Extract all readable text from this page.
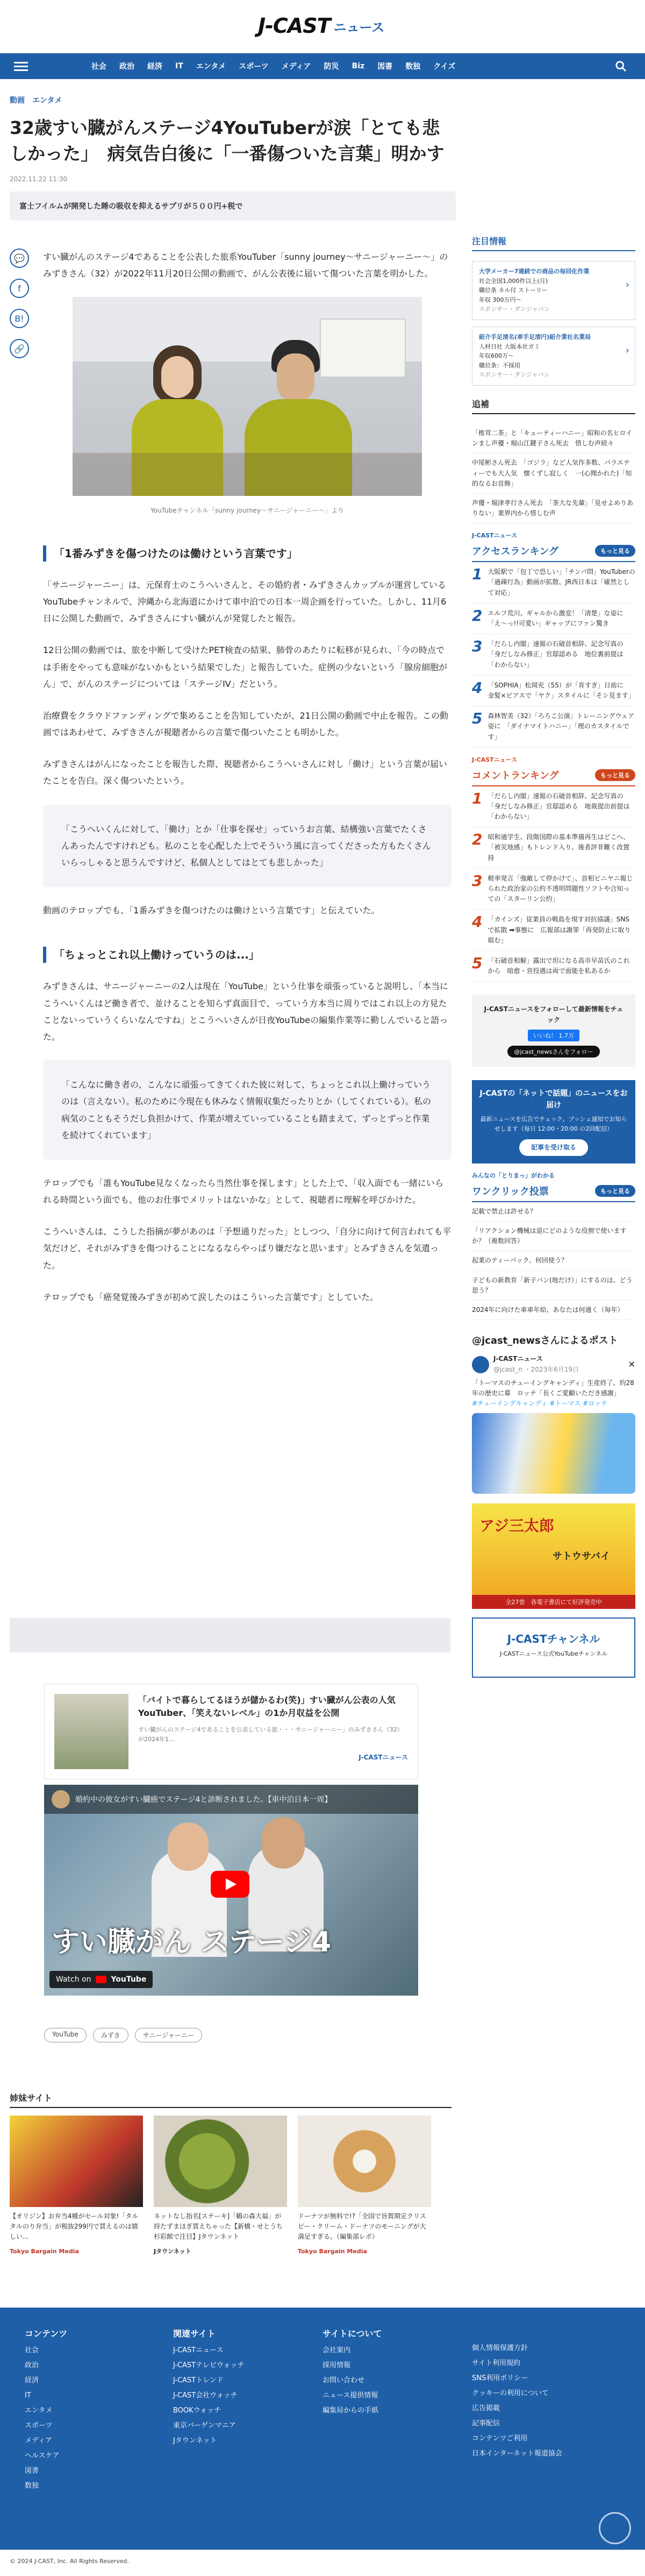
J-CAST ニュース
社会 政治 経済 IT エンタメ スポーツ メディア 防災 Biz 図書 数独 クイズ
動画 エンタメ
32歳すい臓がんステージ4YouTuberが涙「とても悲しかった」　病気告白後に「一番傷ついた言葉」明かす
2022.11.22 11:30
富士フイルムが開発した睡の吸収を抑えるサプリが５００円+税で
💬
f
B!
🔗

すい臓がんのステージ4であることを公表した旅系YouTuber「sunny journey～サニージャーニー～」のみずきさん（32）が2022年11月20日公開の動画で、がん公表後に届いて傷ついた言葉を明かした。

YouTubeチャンネル「sunny journey～サニージャーニー～」より
「1番みずきを傷つけたのは働けという言葉です」

「サニージャーニー」は、元保育士のこうへいさんと、その婚約者・みずきさんカップルが運営しているYouTubeチャンネルで、沖縄から北海道にかけて車中泊での日本一周企画を行っていた。しかし、11月6日に公開した動画で、みずきさんにすい臓がんが発覚したと報告。

12日公開の動画では、旅を中断して受けたPET検査の結果、肺骨のあたりに転移が見られ、「今の時点では手術をやっても意味がないかもという結果でした」と報告していた。症例の少ないという「腺房細胞がん」で、がんのステージについては「ステージIV」だという。

治療費をクラウドファンディングで集めることを告知していたが、21日公開の動画で中止を報告。この動画ではあわせて、みずきさんが視聴者からの言葉で傷ついたことも明かした。

みずきさんはがんになったことを報告した際、視聴者からこうへいさんに対し「働け」という言葉が届いたことを告白。深く傷ついたという。

「こうへいくんに対して、「働け」とか「仕事を探せ」っていうお言葉、結構強い言葉でたくさんあったんですけれども。私のことを心配した上でそういう風に言ってくださった方もたくさんいらっしゃると思うんですけど、私個人としてはとても悲しかった」

動画のテロップでも、「1番みずきを傷つけたのは働けという言葉です」と伝えていた。

「ちょっとこれ以上働けっていうのは...」

みずきさんは、サニージャーニーの2人は現在「YouTube」という仕事を頑張っていると説明し、「本当にこうへいくんはど働き者で、並けることを知らず真面目で、っていう方本当に周りではこれ以上の方見たことないっていうくらいなんですね」とこうへいさんが日夜YouTubeの編集作業等に勤しんでいると語った。

「こんなに働き者の、こんなに頑張ってきてくれた彼に対して、ちょっとこれ以上働けっていうのは（言えない）。私のために今現在も休みなく情報収集だったりとか（してくれている）。私の病気のこともそうだし負担かけて、作業が増えていっていることも踏まえて、ずっとずっと作業を続けてくれています」

テロップでも「誰もYouTube見なくなったら当然仕事を探します」とした上で、「収入面でも一緒にいられる時間という面でも、他のお仕事でメリットはないかな」として、視聴者に理解を呼びかけた。

こうへいさんは、こうした指摘が夢があのは「予想通りだった」としつつ、「自分に向けて何言われても平気だけど、それがみずきを傷つけることになるならやっぱり嫌だなと思います」とみずきさんを気遣った。

テロップでも「癌発覚後みずきが初めて涙したのはこういった言葉です」としていた。

「バイトで暮らしてるほうが儲かるわ(笑)」すい臓がん公表の人気YouTuber、「笑えないレベル」の1か月収益を公開
すい臓がんのステージ4であることを公表している旅・・・サニージャーニー」のみずきさん（32）が2024年1...
J-CASTニュース
婚約中の彼女がすい臓癌でステージ4と診断されました。【車中泊日本一周】
すい臓がん ステージ4
Watch on	YouTube
YouTube	みずき	サニージャーニー
姉妹サイト
【オリジン】お弁当4種がセール対象!「タルタルのり弁当」が税抜299円で買えるのは嬉しい...
Tokyo Bargain Media
ネットなし指名[ステーキ]「鶴の森大福」が持たずまほぎ買えちゃった【新橋・せとうち杉彩館で注目】Jタウンネット
Jタウンネット
ドーナツが無料で!?「全国で旨賀期定クリスピー・クリーム・ドーナツのモーニングが大満足すぎる。（編集部レポ）
Tokyo Bargain Media
注目情報
大学メーカー7連続での商品の毎回化作業
社会全国1,000件以上(月)
職位条 ネル付 ストーリー
年収 300万円〜
スポンサー・ダンジャパン
›
紹介手足清名(車手足清円)紹介業社名業局
人材日社 大阪本社ガミ
年収600万〜
職位条：不採用
スポンサー・ダンジャパン
›
追補
「椎茸二茶」と「キューティーハニー」昭和の名ヒロインまし声優・堀山江鍵子さん死去　惜しむ声続々
中尾彬さん死去　「ゴジラ」など人気作多数、バラエティーでも大人気　懐くずし寂しく　一(心聞かれた)「知的なるお首飾」
声優・堀津孝行さん死去　「茶大な先輩」「見せよめりありない」業界内から惜しむ声
J-CASTニュース
アクセスランキング	もっと見る
1 大阪駅で「包丁で恐しい」「チンパ問」YouTuberの「過疎行為」動画が拡散、JR西日本は「確然として対応」
2 エルフ荒川、ギャルから激変！「清楚」な姿に「え～っ!!可愛い」ギャップにファン驚き
3 「だらし内閣」速報の石破首相辞、記念写真の「身だしなみ修正」官邸認める　地位裏前提は「わからない」
4 「SOPHIA」松岡充（55）が「育すぎ」日前に　金髪×ピアスで「ヤク」スタイルに「そシ見ます」
5 森林智美（32）「ろろこ公演」トレーニングウェア姿に　「ダイナマイトハニー」「理のカスタイルです」
J-CASTニュース
コメントランキング	もっと見る
1 「だらし内閣」速報の石破首相辞、記念写真の「身だしなみ修正」官邸認める　地裁提出前提は「わからない」
2 昭和通学生、段階国際の基本準備再生はどこへ、「被災地感」もトレンド入り、後者評非難く改置持
3 軽率発言「強敵して停かけて」、首相ピニヤニ報じられた政治家の公約不透明問題性ソフトや合知っての「スターリン公約」
4 「カインズ」従業員の戦島を現す対抗協議」SNS で拡散 ➡事態に　広報部は謝罪「再発防止に取り組む」
5 「石破首相解」露出で坦になる高市早苗氏のこれから　暗愈・営投遇は両で面能を私あるか
J-CASTニュースをフォローして最新情報をチェック
いいね！ 1.7万
@jcast_newsさんをフォロー
J-CASTの「ネットで話題」のニュースをお届け
最新ニュースを広告でチェック。プッシュ通知でお知らせします（毎日 12:00・20:00 の2回配信）
記事を受け取る
みんなの「とりまっ」がわかる
ワンクリック投票	もっと見る
記載で禁止は許せる？
「リアクション機械は退にどのような役割で使いますか？（複数回答）
起業のティーパック、何回使う？
子どもの新教育「新子バン(地だけ）」にするのは、どう思う？
2024年に向けた車車年給、あなたは何通く（毎年）
@jcast_newsさんによるポスト
J-CASTニュース
@jcast_n ・2023年6月19日	✕
「トーマスのチューイングキャンディ」生産終了、約28年の歴史に幕　ロッテ「長くご愛顧いただき感謝」
#チューイングキャンディ #トーマス #ロッテ
アジ三太郎
サトウサバイ
全27巻　各電子書店にて好評発売中
J-CASTチャンネル
J-CASTニュース公式YouTubeチャンネル
コンテンツ
社会
政治
経済
IT
エンタメ
スポーツ
メディア
ヘルスケア
図書
数独
関連サイト
J-CASTニュース
J-CASTテレビウォッチ
J-CASTトレンド
J-CAST会社ウォッチ
BOOKウォッチ
東京バーゲンマニア
Jタウンネット
サイトについて
会社案内
採用情報
お問い合わせ
ニュース提供情報
編集局からの手紙
個人情報保護方針
サイト利用規約
SNS利用ポリシー
クッキーの利用について
広告掲載
記事配信
コンテンツご利用
日本インターネット報道協会
© 2024 J-CAST, Inc. All Rights Reserved.
